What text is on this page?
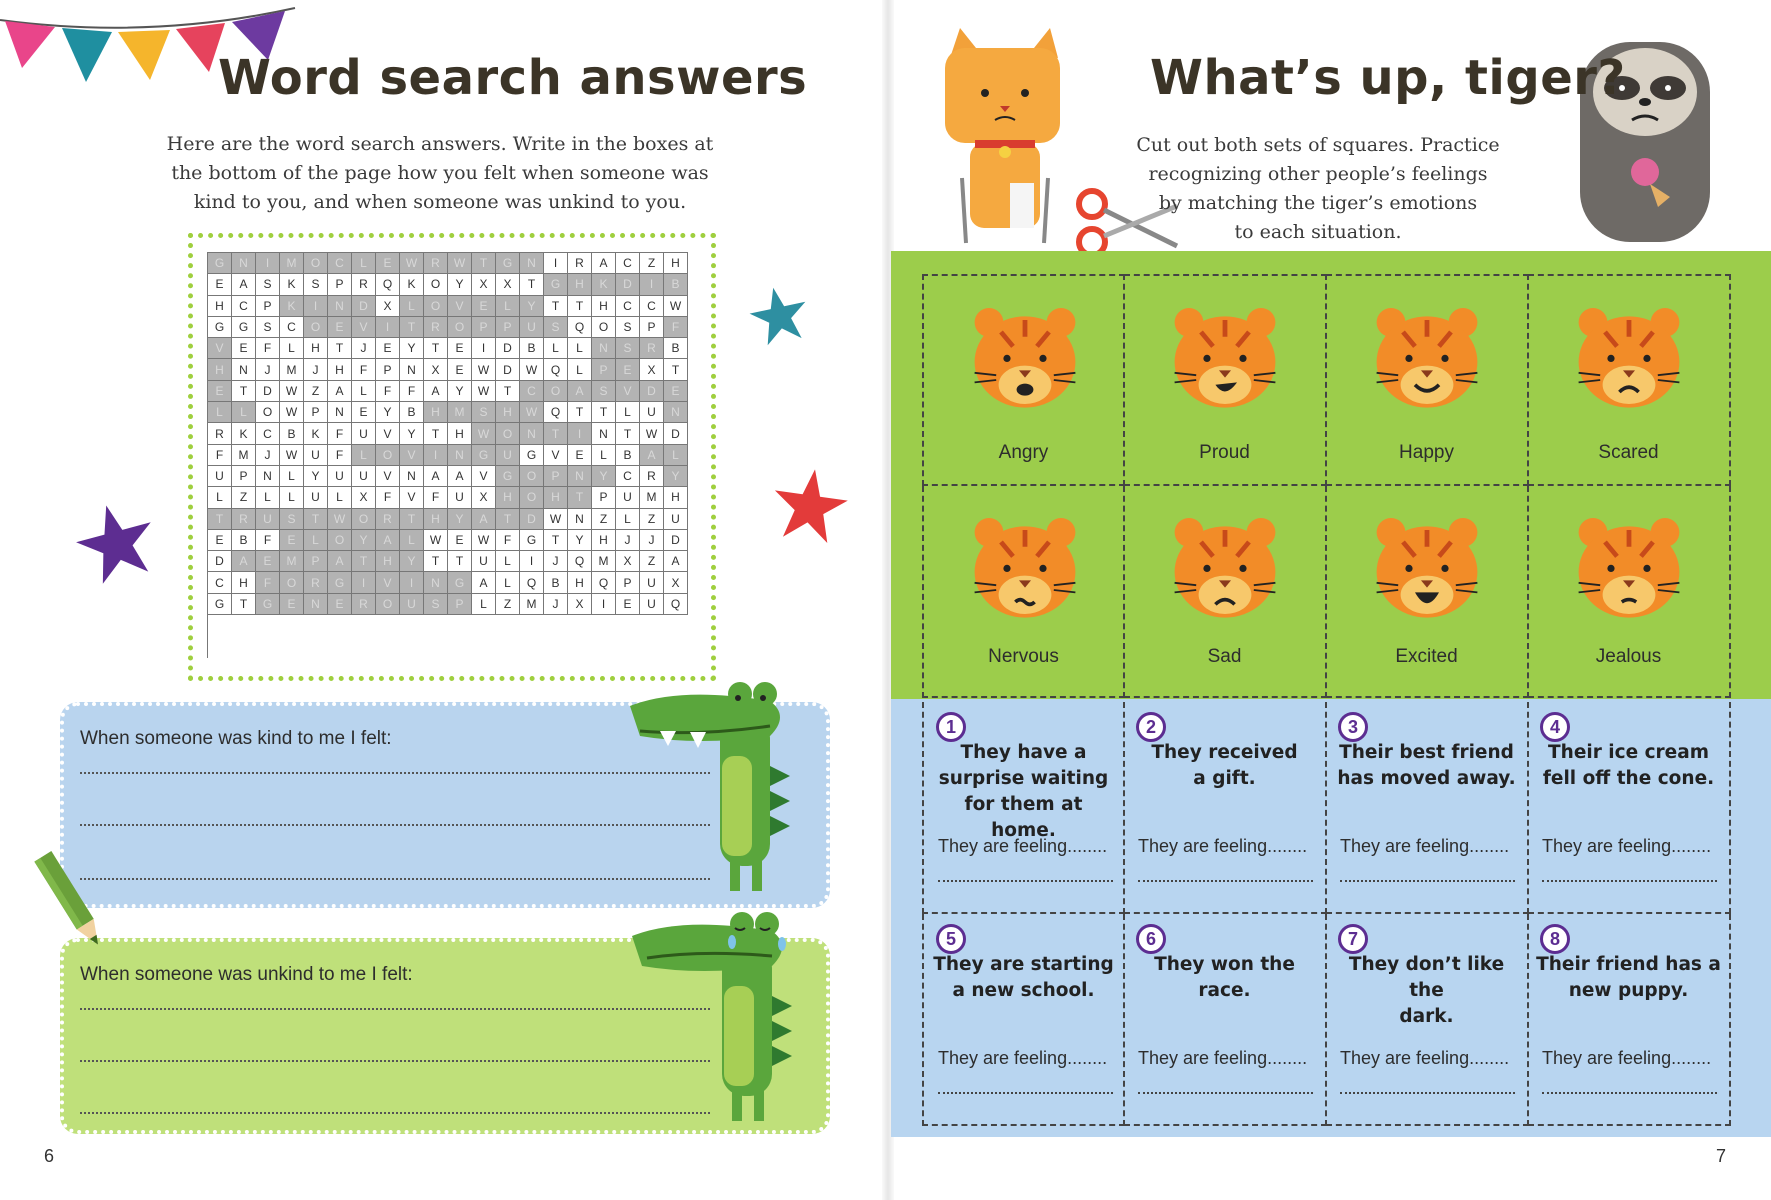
Word search answers
Here are the word search answers. Write in the boxes at
the bottom of the page how you felt when someone was
kind to you, and when someone was unkind to you.
G	N	I	M	O	C	L	E	W	R	W	T	G	N	I	R	A	C	Z	H
E	A	S	K	S	P	R	Q	K	O	Y	X	X	T	G	H	K	D	I	B
H	C	P	K	I	N	D	X	L	O	V	E	L	Y	T	T	H	C	C	W
G	G	S	C	O	E	V	I	T	R	O	P	P	U	S	Q	O	S	P	F
V	E	F	L	H	T	J	E	Y	T	E	I	D	B	L	L	N	S	R	B
H	N	J	M	J	H	F	P	N	X	E	W	D	W	Q	L	P	E	X	T
E	T	D	W	Z	A	L	F	F	A	Y	W	T	C	O	A	S	V	D	E
L	L	O	W	P	N	E	Y	B	H	M	S	H	W	Q	T	T	L	U	N
R	K	C	B	K	F	U	V	Y	T	H	W	O	N	T	I	N	T	W	D
F	M	J	W	U	F	L	O	V	I	N	G	U	G	V	E	L	B	A	L
U	P	N	L	Y	U	U	V	N	A	A	V	G	O	P	N	Y	C	R	Y
L	Z	L	L	U	L	X	F	V	F	U	X	H	O	H	T	P	U	M	H
T	R	U	S	T	W	O	R	T	H	Y	A	T	D	W	N	Z	L	Z	U
E	B	F	E	L	O	Y	A	L	W	E	W	F	G	T	Y	H	J	J	D
D	A	E	M	P	A	T	H	Y	T	T	U	L	I	J	Q	M	X	Z	A
C	H	F	O	R	G	I	V	I	N	G	A	L	Q	B	H	Q	P	U	X
G	T	G	E	N	E	R	O	U	S	P	L	Z	M	J	X	I	E	U	Q
When someone was kind to me I felt:
When someone was unkind to me I felt:
6
What’s up, tiger?
Cut out both sets of squares. Practice
recognizing other people’s feelings
by matching the tiger’s emotions
to each situation.
Angry	Proud	Happy	Scared
Nervous	Sad	Excited	Jealous
1
They have a
surprise waiting
for them at home.
They are feeling........
2
They received
a gift.
They are feeling........
3
Their best friend
has moved away.
They are feeling........
4
Their ice cream
fell off the cone.
They are feeling........
5
They are starting
a new school.
They are feeling........
6
They won the race.
They are feeling........
7
They don’t like the
dark.
They are feeling........
8
Their friend has a
new puppy.
They are feeling........
7
